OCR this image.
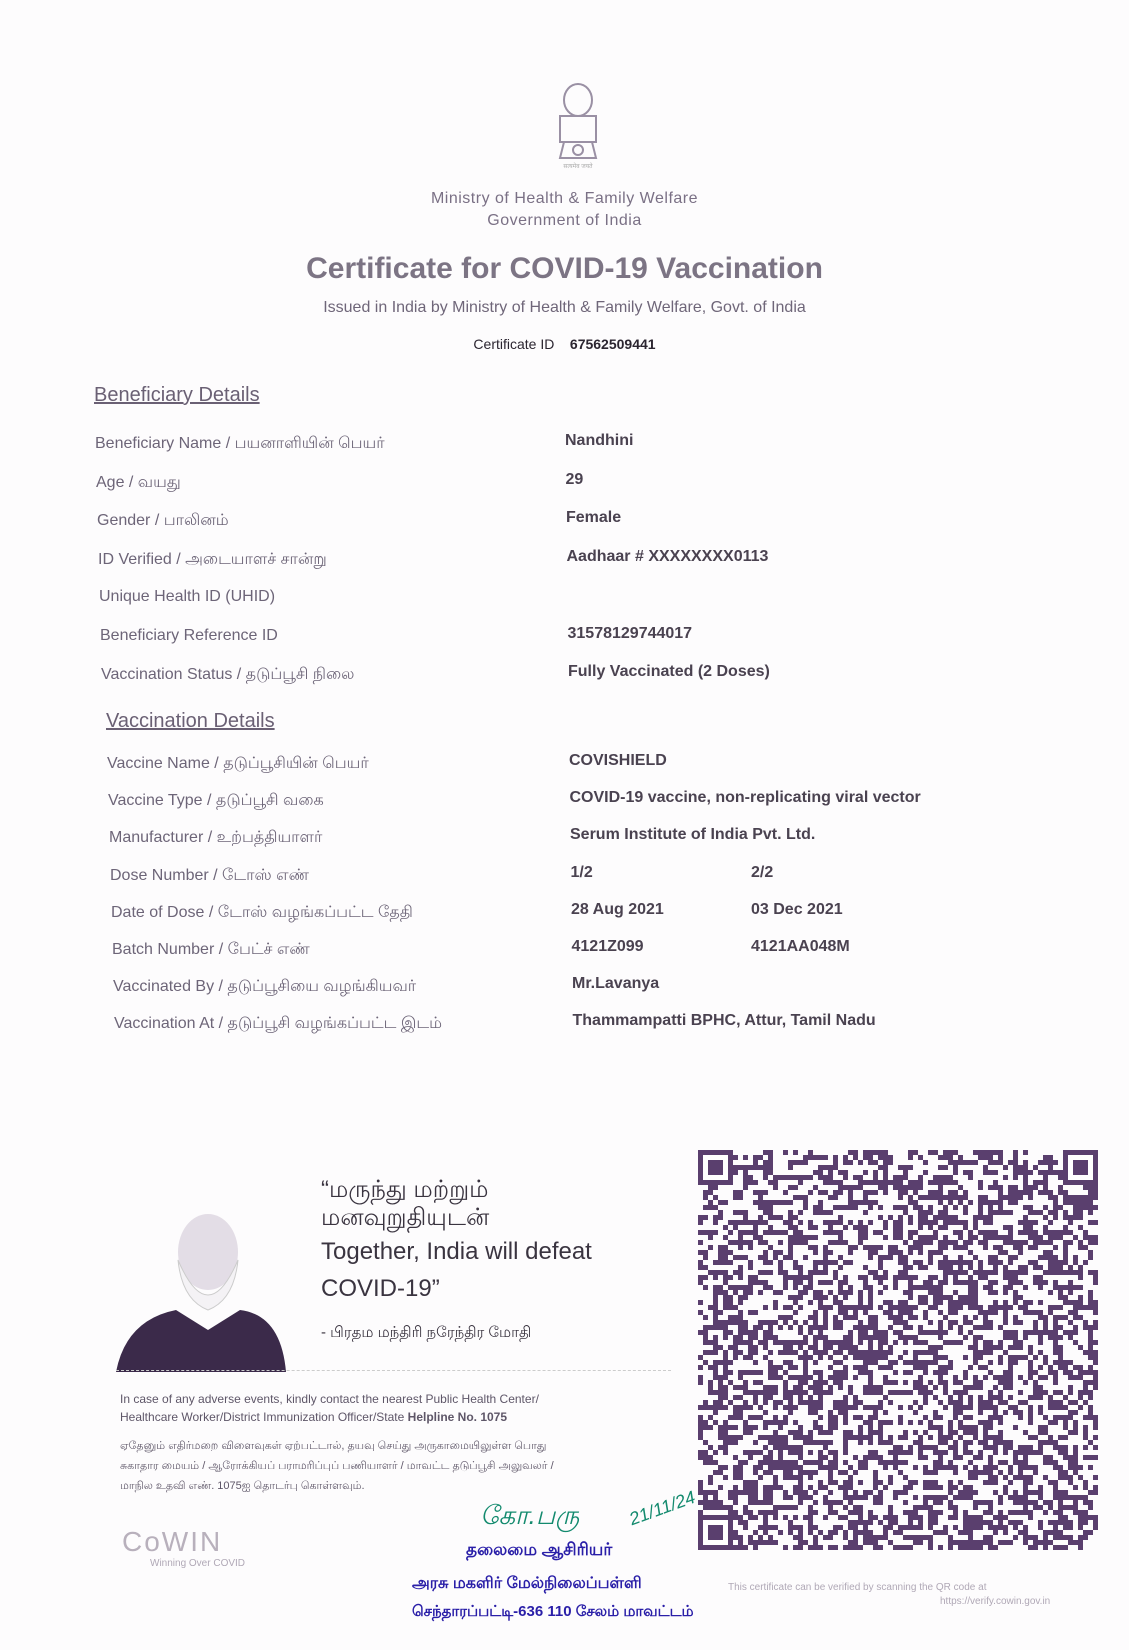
सत्यमेव जयते
Ministry of Health & Family Welfare
Government of India
Certificate for COVID-19 Vaccination
Issued in India by Ministry of Health & Family Welfare, Govt. of India
Certificate ID 67562509441
Beneficiary Details
Beneficiary Name / பயனாளியின் பெயர்	Nandhini
Age / வயது	29
Gender / பாலினம்	Female
ID Verified / அடையாளச் சான்று	Aadhaar # XXXXXXXX0113
Unique Health ID (UHID)
Beneficiary Reference ID	31578129744017
Vaccination Status / தடுப்பூசி நிலை	Fully Vaccinated (2 Doses)
Vaccination Details
Vaccine Name / தடுப்பூசியின் பெயர்	COVISHIELD
Vaccine Type / தடுப்பூசி வகை	COVID-19 vaccine, non-replicating viral vector
Manufacturer / உற்பத்தியாளர்	Serum Institute of India Pvt. Ltd.
Dose Number / டோஸ் எண்	1/2	2/2
Date of Dose / டோஸ் வழங்கப்பட்ட தேதி	28 Aug 2021	03 Dec 2021
Batch Number / பேட்ச் எண்	4121Z099	4121AA048M
Vaccinated By / தடுப்பூசியை வழங்கியவர்	Mr.Lavanya
Vaccination At / தடுப்பூசி வழங்கப்பட்ட இடம்	Thammampatti BPHC, Attur, Tamil Nadu
“மருந்து மற்றும்
மனவுறுதியுடன்
Together, India will defeat
COVID-19”
- பிரதம மந்திரி நரேந்திர மோதி
In case of any adverse events, kindly contact the nearest Public Health Center/
Healthcare Worker/District Immunization Officer/State Helpline No. 1075
ஏதேனும் எதிர்மறை விளைவுகள் ஏற்பட்டால், தயவு செய்து அருகாமையிலுள்ள பொது
சுகாதார மையம் / ஆரோக்கியப் பராமரிப்புப் பணியாளர் / மாவட்ட தடுப்பூசி அலுவலர் /
மாநில உதவி எண். 1075ஐ தொடர்பு கொள்ளவும்.
CoWIN
Winning Over COVID
கோ.பரு	21/11/24
தலைமை ஆசிரியர்
அரசு மகளிர் மேல்நிலைப்பள்ளி
செந்தாரப்பட்டி-636 110 சேலம் மாவட்டம்
This certificate can be verified by scanning the QR code at
https://verify.cowin.gov.in
